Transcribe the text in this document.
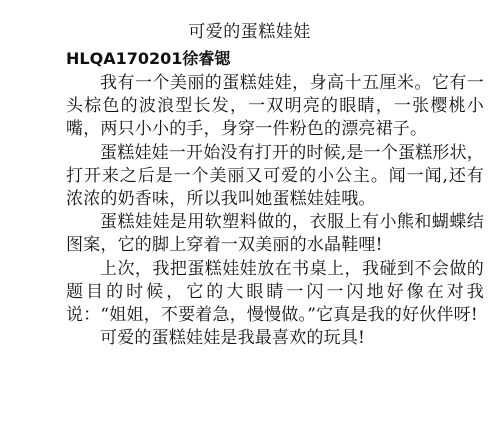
可爱的蛋糕娃娃
HLQA170201徐睿锶

我有一个美丽的蛋糕娃娃，身高十五厘米。它有一头棕色的波浪型长发，一双明亮的眼睛，一张樱桃小嘴，两只小小的手，身穿一件粉色的漂亮裙子。

蛋糕娃娃一开始没有打开的时候,是一个蛋糕形状，打开来之后是一个美丽又可爱的小公主。闻一闻,还有浓浓的奶香味，所以我叫她蛋糕娃娃哦。

蛋糕娃娃是用软塑料做的，衣服上有小熊和蝴蝶结图案，它的脚上穿着一双美丽的水晶鞋哩!

上次，我把蛋糕娃娃放在书桌上，我碰到不会做的题目的时候，它的大眼睛一闪一闪地好像在对我说：“姐姐，不要着急，慢慢做。”它真是我的好伙伴呀!

可爱的蛋糕娃娃是我最喜欢的玩具!
